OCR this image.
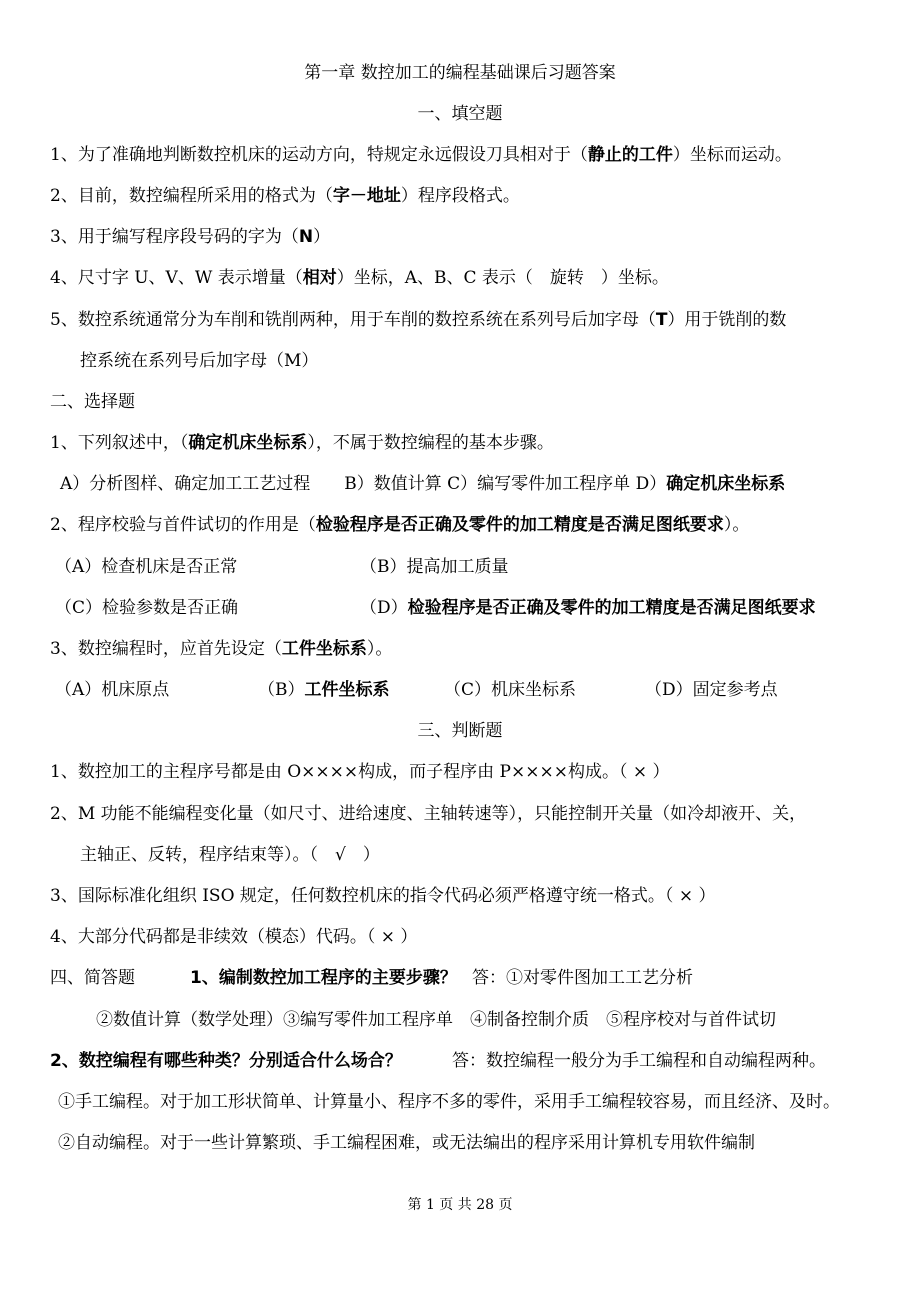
第一章 数控加工的编程基础课后习题答案
一、填空题
1、为了准确地判断数控机床的运动方向，特规定永远假设刀具相对于（静止的工件）坐标而运动。
2、目前，数控编程所采用的格式为（字－地址）程序段格式。
3、用于编写程序段号码的字为（N）
4、尺寸字 U、V、W 表示增量（相对）坐标，A、B、C 表示（　旋转　）坐标。
5、数控系统通常分为车削和铣削两种，用于车削的数控系统在系列号后加字母（T）用于铣削的数
控系统在系列号后加字母（M）
二、选择题
1、下列叙述中，（确定机床坐标系），不属于数控编程的基本步骤。
A）分析图样、确定加工工艺过程　　B）数值计算 C）编写零件加工程序单 D）确定机床坐标系
2、程序校验与首件试切的作用是（检验程序是否正确及零件的加工精度是否满足图纸要求）。
（A）检查机床是否正常	（B）提高加工质量
（C）检验参数是否正确	（D）检验程序是否正确及零件的加工精度是否满足图纸要求
3、数控编程时，应首先设定（工件坐标系）。
（A）机床原点	（B）工件坐标系	（C）机床坐标系	（D）固定参考点
三、判断题
1、数控加工的主程序号都是由 O××××构成，而子程序由 P××××构成。（ × ）
2、M 功能不能编程变化量（如尺寸、进给速度、主轴转速等），只能控制开关量（如冷却液开、关，
主轴正、反转，程序结束等）。（　√　）
3、国际标准化组织 ISO 规定，任何数控机床的指令代码必须严格遵守统一格式。（ × ）
4、大部分代码都是非续效（模态）代码。（ × ）
四、简答题	1、编制数控加工程序的主要步骤？ 答：①对零件图加工工艺分析
②数值计算（数学处理）③编写零件加工程序单　④制备控制介质　⑤程序校对与首件试切
2、数控编程有哪些种类？分别适合什么场合？	答：数控编程一般分为手工编程和自动编程两种。
①手工编程。对于加工形状简单、计算量小、程序不多的零件，采用手工编程较容易，而且经济、及时。
②自动编程。对于一些计算繁琐、手工编程困难，或无法编出的程序采用计算机专用软件编制
第 1 页 共 28 页
